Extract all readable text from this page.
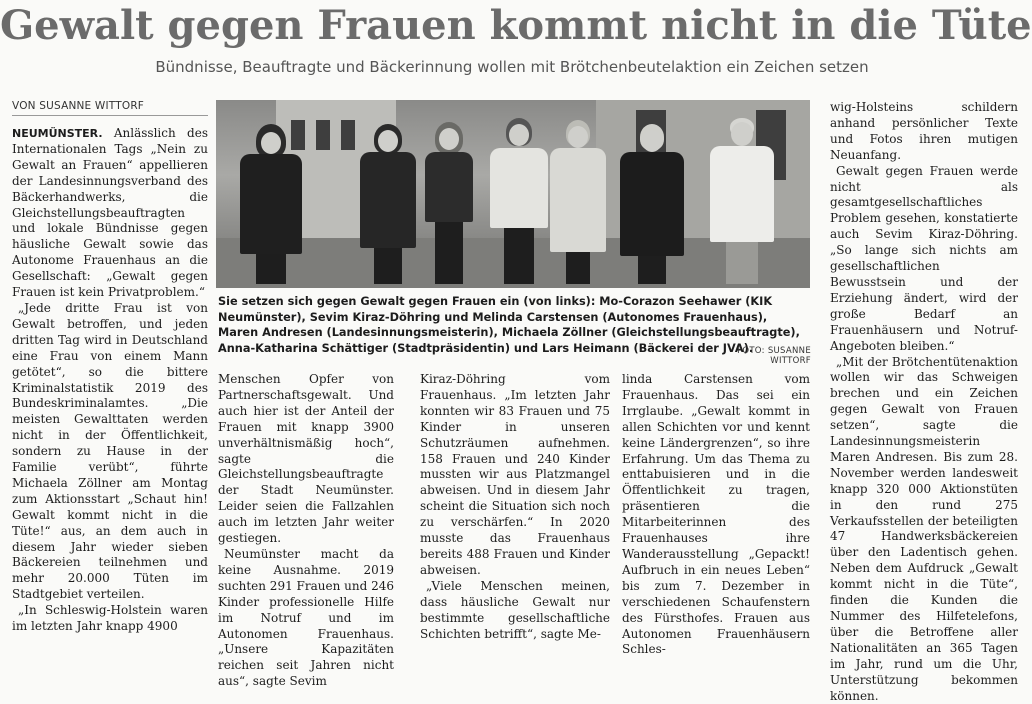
Gewalt gegen Frauen kommt nicht in die Tüte
Bündnisse, Beauftragte und Bäckerinnung wollen mit Brötchenbeutelaktion ein Zeichen setzen
VON SUSANNE WITTORF

NEUMÜNSTER. Anlässlich des Internationalen Tags „Nein zu Gewalt an Frauen“ appellieren der Landesinnungsverband des Bäckerhandwerks, die Gleichstellungsbeauftragten und lokale Bündnisse gegen häusliche Gewalt sowie das Autonome Frauenhaus an die Gesellschaft: „Gewalt gegen Frauen ist kein Privatproblem.“

„Jede dritte Frau ist von Gewalt betroffen, und jeden dritten Tag wird in Deutschland eine Frau von einem Mann getötet“, so die bittere Kriminalstatistik 2019 des Bundeskriminalamtes. „Die meisten Gewalttaten werden nicht in der Öffentlichkeit, sondern zu Hause in der Familie verübt“, führte Michaela Zöllner am Montag zum Aktionsstart „Schaut hin! Gewalt kommt nicht in die Tüte!“ aus, an dem auch in diesem Jahr wieder sieben Bäckereien teilnehmen und mehr 20.000 Tüten im Stadtgebiet verteilen.

„In Schleswig-Holstein waren im letzten Jahr knapp 4900

Sie setzen sich gegen Gewalt gegen Frauen ein (von links): Mo-Corazon Seehawer (KIK Neumünster), Sevim Kiraz-Döhring und Melinda Carstensen (Autonomes Frauenhaus), Maren Andresen (Landesinnungsmeisterin), Michaela Zöllner (Gleichstellungsbeauftragte), Anna-Katharina Schättiger (Stadtpräsidentin) und Lars Heimann (Bäckerei der JVA).
FOTO: SUSANNE WITTORF

Menschen Opfer von Partnerschaftsgewalt. Und auch hier ist der Anteil der Frauen mit knapp 3900 unverhältnismäßig hoch“, sagte die Gleichstellungsbeauftragte der Stadt Neumünster. Leider seien die Fallzahlen auch im letzten Jahr weiter gestiegen.

Neumünster macht da keine Ausnahme. 2019 suchten 291 Frauen und 246 Kinder professionelle Hilfe im Notruf und im Autonomen Frauenhaus. „Unsere Kapazitäten reichen seit Jahren nicht aus“, sagte Sevim

Kiraz-Döhring vom Frauenhaus. „Im letzten Jahr konnten wir 83 Frauen und 75 Kinder in unseren Schutzräumen aufnehmen. 158 Frauen und 240 Kinder mussten wir aus Platzmangel abweisen. Und in diesem Jahr scheint die Situation sich noch zu verschärfen.“ In 2020 musste das Frauenhaus bereits 488 Frauen und Kinder abweisen.

„Viele Menschen meinen, dass häusliche Gewalt nur bestimmte gesellschaftliche Schichten betrifft“, sagte Me-

linda Carstensen vom Frauenhaus. Das sei ein Irrglaube. „Gewalt kommt in allen Schichten vor und kennt keine Ländergrenzen“, so ihre Erfahrung. Um das Thema zu enttabuisieren und in die Öffentlichkeit zu tragen, präsentieren die Mitarbeiterinnen des Frauenhauses ihre Wanderausstellung „Gepackt! Aufbruch in ein neues Leben“ bis zum 7. Dezember in verschiedenen Schaufenstern des Fürsthofes. Frauen aus Autonomen Frauenhäusern Schles-

wig-Holsteins schildern anhand persönlicher Texte und Fotos ihren mutigen Neuanfang.

Gewalt gegen Frauen werde nicht als gesamtgesellschaftliches Problem gesehen, konstatierte auch Sevim Kiraz-Döhring. „So lange sich nichts am gesellschaftlichen Bewusstsein und der Erziehung ändert, wird der große Bedarf an Frauenhäusern und Notruf-Angeboten bleiben.“

„Mit der Brötchentütenaktion wollen wir das Schweigen brechen und ein Zeichen gegen Gewalt von Frauen setzen“, sagte die Landesinnungsmeisterin Maren Andresen. Bis zum 28. November werden landesweit knapp 320 000 Aktionstüten in den rund 275 Verkaufsstellen der beteiligten 47 Handwerksbäckereien über den Ladentisch gehen. Neben dem Aufdruck „Gewalt kommt nicht in die Tüte“, finden die Kunden die Nummer des Hilfetelefons, über die Betroffene aller Nationalitäten an 365 Tagen im Jahr, rund um die Uhr, Unterstützung bekommen können.
